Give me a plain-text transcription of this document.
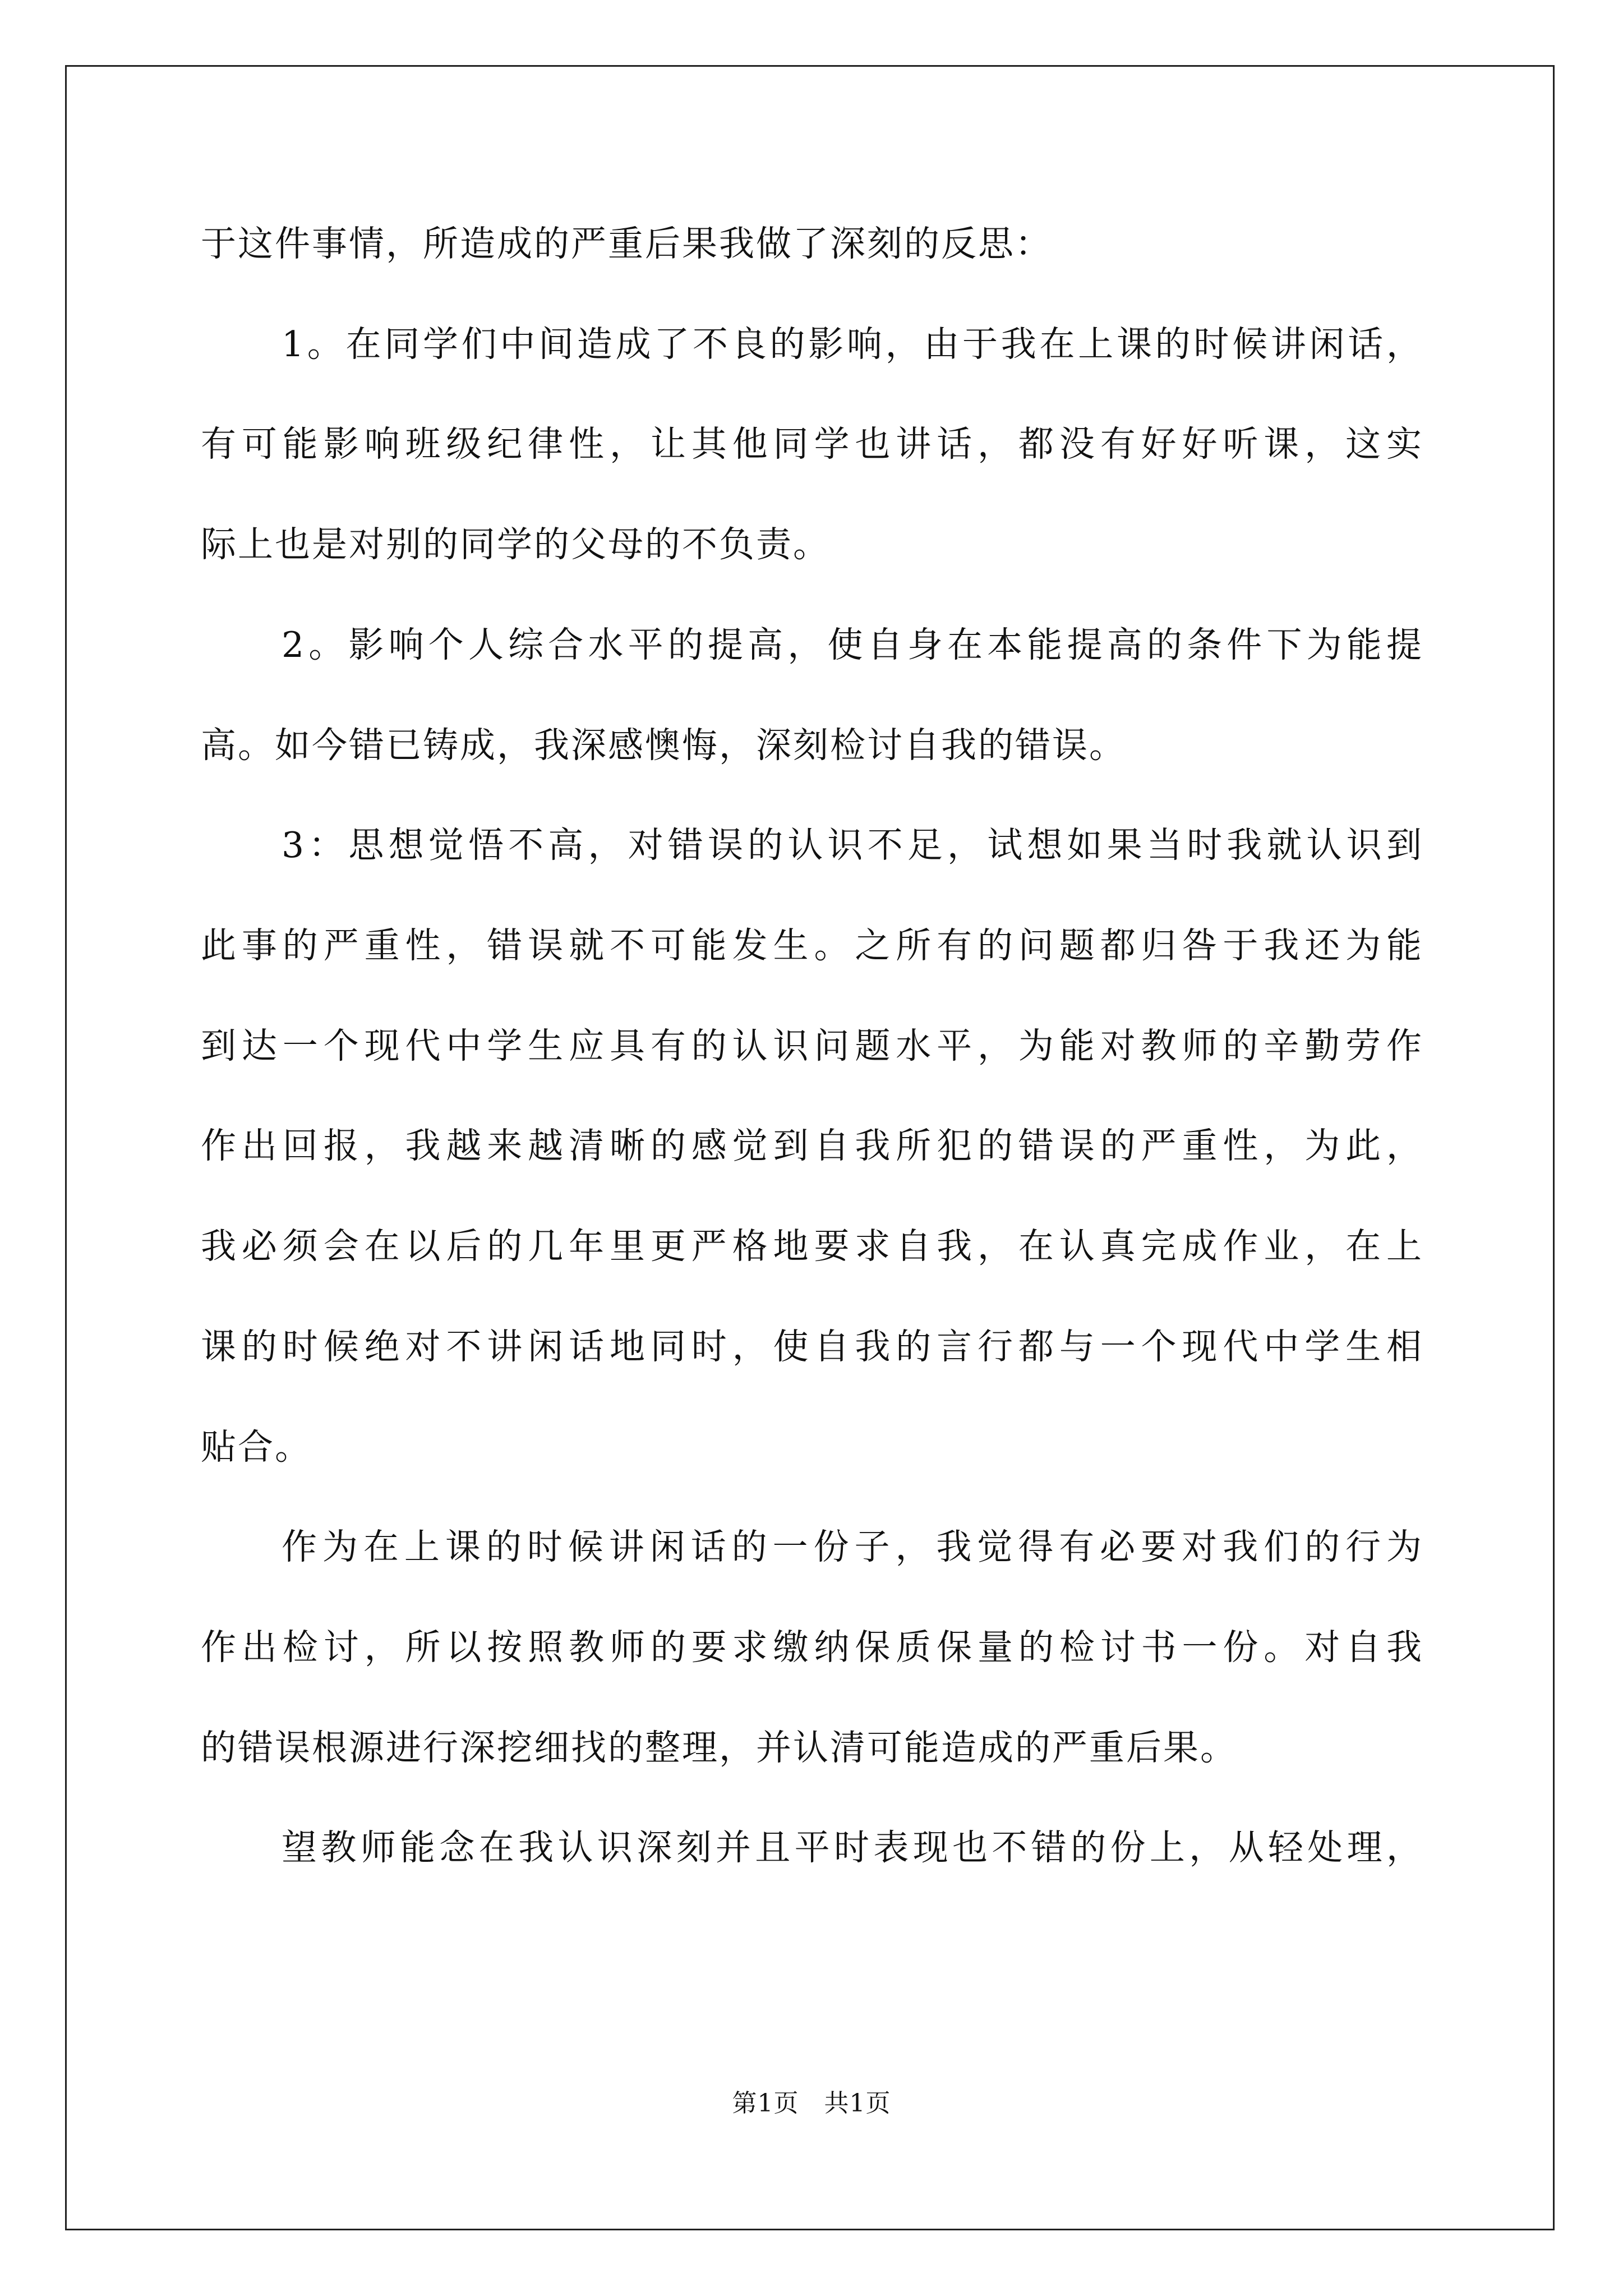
于这件事情，所造成的严重后果我做了深刻的反思：
1。在同学们中间造成了不良的影响，由于我在上课的时候讲闲话，
有可能影响班级纪律性，让其他同学也讲话，都没有好好听课，这实
际上也是对别的同学的父母的不负责。
2。影响个人综合水平的提高，使自身在本能提高的条件下为能提
高。如今错已铸成，我深感懊悔，深刻检讨自我的错误。
3：思想觉悟不高，对错误的认识不足，试想如果当时我就认识到
此事的严重性，错误就不可能发生。之所有的问题都归咎于我还为能
到达一个现代中学生应具有的认识问题水平，为能对教师的辛勤劳作
作出回报，我越来越清晰的感觉到自我所犯的错误的严重性，为此，
我必须会在以后的几年里更严格地要求自我，在认真完成作业，在上
课的时候绝对不讲闲话地同时，使自我的言行都与一个现代中学生相
贴合。
作为在上课的时候讲闲话的一份子，我觉得有必要对我们的行为
作出检讨，所以按照教师的要求缴纳保质保量的检讨书一份。对自我
的错误根源进行深挖细找的整理，并认清可能造成的严重后果。
望教师能念在我认识深刻并且平时表现也不错的份上，从轻处理，
第1页 共1页
